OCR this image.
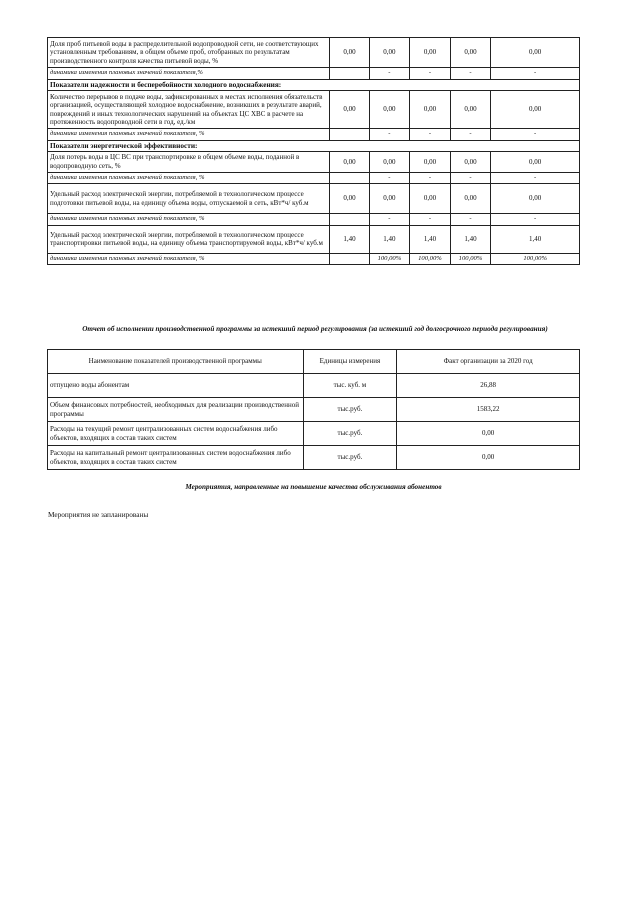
Доля проб питьевой воды в распределительной водопроводной сети, не соответствующих установленным требованиям, в общем объеме проб, отобранных по результатам производственного контроля качества питьевой воды, %	0,00	0,00	0,00	0,00	0,00
динамика изменения плановых значений показателя,%		-	-	-	-
Показатели надежности и бесперебойности холодного водоснабжения:					
Количество перерывов в подаче воды, зафиксированных в местах исполнения обязательств организацией, осуществляющей холодное водоснабжение, возникших в результате аварий, повреждений и иных технологических нарушений на объектах ЦС ХВС в расчете на протяженность водопроводной сети в год, ед./км	0,00	0,00	0,00	0,00	0,00
динамика изменения плановых значений показателя, %		-	-	-	-
Показатели энергетической эффективности:					
Доля потерь воды в ЦС ВС при транспортировке в общем объеме воды, поданной в водопроводную сеть, %	0,00	0,00	0,00	0,00	0,00
динамика изменения плановых значений показателя, %		-	-	-	-
Удельный расход электрической энергии, потребляемой в технологическом процессе подготовки питьевой воды, на единицу объема воды, отпускаемой в сеть, кВт*ч/ куб.м	0,00	0,00	0,00	0,00	0,00
динамика изменения плановых значений показателя, %		-	-	-	-
Удельный расход электрической энергии, потребляемой в технологическом процессе транспортировки питьевой воды, на единицу объема транспортируемой воды, кВт*ч/ куб.м	1,40	1,40	1,40	1,40	1,40
динамика изменения плановых значений показателя, %		100,00%	100,00%	100,00%	100,00%
Отчет об исполнении производственной программы за истекший период регулирования (за истекший год долгосрочного периода регулирования)
Наименование показателей производственной программы	Единицы измерения	Факт организации за 2020 год
отпущено воды абонентам	тыс. куб. м	26,88
Объем финансовых потребностей, необходимых для реализации производственной программы	тыс.руб.	1583,22
Расходы на текущий ремонт централизованных систем водоснабжения либо объектов, входящих в состав таких систем	тыс.руб.	0,00
Расходы на капитальный ремонт централизованных систем водоснабжения либо объектов, входящих в состав таких систем	тыс.руб.	0,00
Мероприятия, направленные на повышение качества обслуживания абонентов
Мероприятия не запланированы
